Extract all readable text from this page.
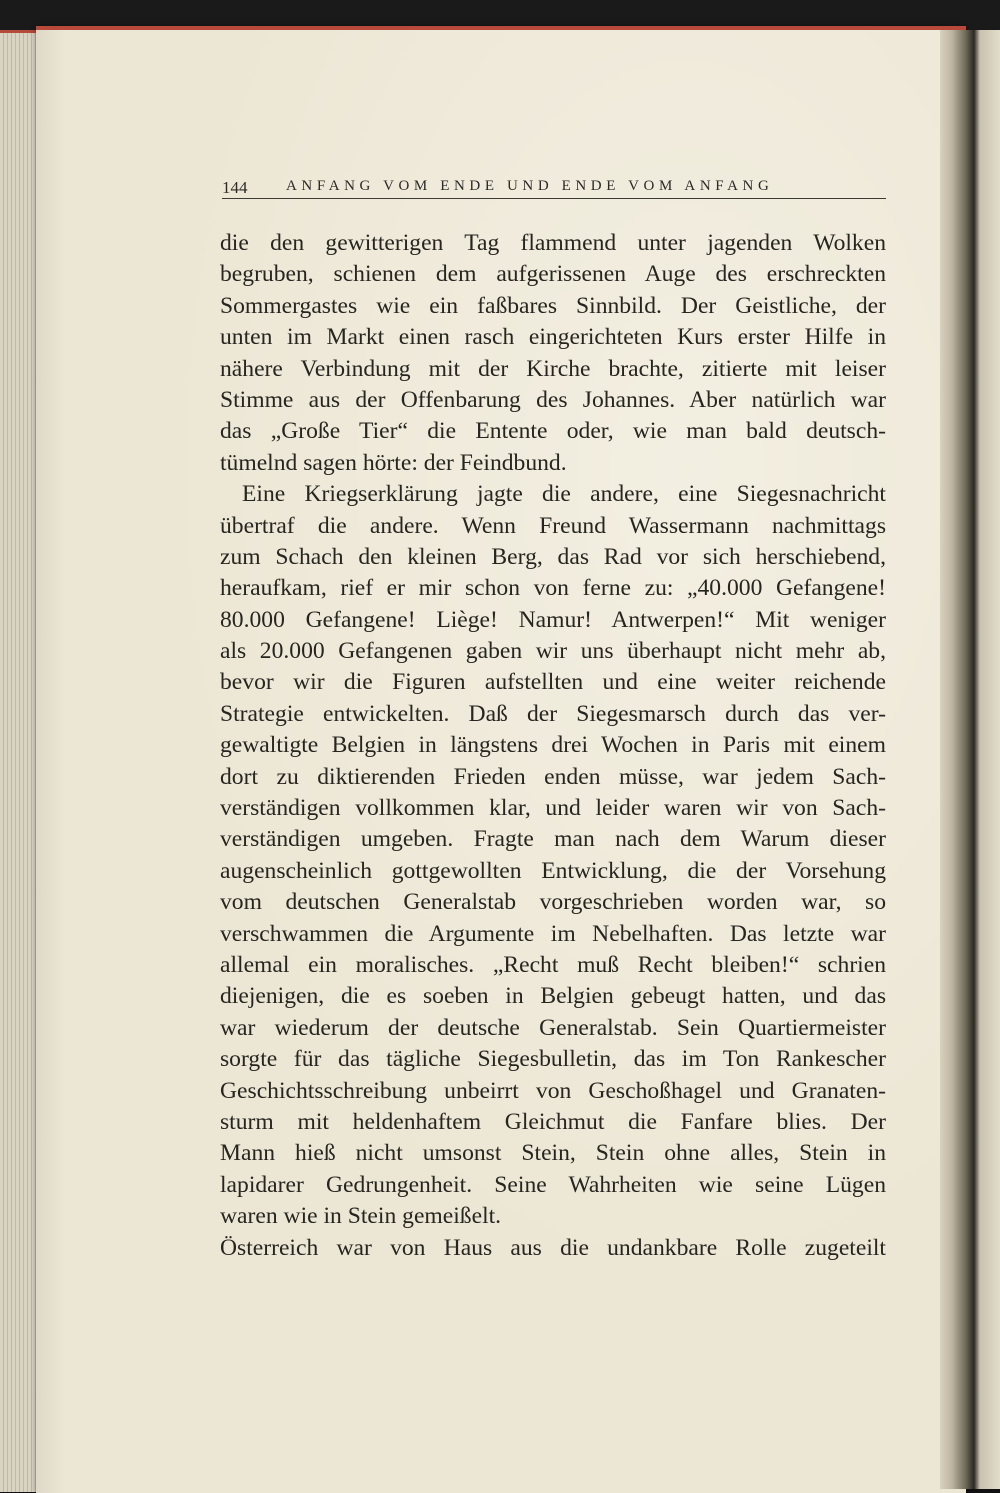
144	ANFANG VOM ENDE UND ENDE VOM ANFANG
die den gewitterigen Tag flammend unter jagenden Wolken
begruben, schienen dem aufgerissenen Auge des erschreckten
Sommergastes wie ein faßbares Sinnbild. Der Geistliche, der
unten im Markt einen rasch eingerichteten Kurs erster Hilfe in
nähere Verbindung mit der Kirche brachte, zitierte mit leiser
Stimme aus der Offenbarung des Johannes. Aber natürlich war
das „Große Tier“ die Entente oder, wie man bald deutsch-
tümelnd sagen hörte: der Feindbund.
Eine Kriegserklärung jagte die andere, eine Siegesnachricht
übertraf die andere. Wenn Freund Wassermann nachmittags
zum Schach den kleinen Berg, das Rad vor sich herschiebend,
heraufkam, rief er mir schon von ferne zu: „40.000 Gefangene!
80.000 Gefangene! Liège! Namur! Antwerpen!“ Mit weniger
als 20.000 Gefangenen gaben wir uns überhaupt nicht mehr ab,
bevor wir die Figuren aufstellten und eine weiter reichende
Strategie entwickelten. Daß der Siegesmarsch durch das ver-
gewaltigte Belgien in längstens drei Wochen in Paris mit einem
dort zu diktierenden Frieden enden müsse, war jedem Sach-
verständigen vollkommen klar, und leider waren wir von Sach-
verständigen umgeben. Fragte man nach dem Warum dieser
augenscheinlich gottgewollten Entwicklung, die der Vorsehung
vom deutschen Generalstab vorgeschrieben worden war, so
verschwammen die Argumente im Nebelhaften. Das letzte war
allemal ein moralisches. „Recht muß Recht bleiben!“ schrien
diejenigen, die es soeben in Belgien gebeugt hatten, und das
war wiederum der deutsche Generalstab. Sein Quartiermeister
sorgte für das tägliche Siegesbulletin, das im Ton Rankescher
Geschichtsschreibung unbeirrt von Geschoßhagel und Granaten-
sturm mit heldenhaftem Gleichmut die Fanfare blies. Der
Mann hieß nicht umsonst Stein, Stein ohne alles, Stein in
lapidarer Gedrungenheit. Seine Wahrheiten wie seine Lügen
waren wie in Stein gemeißelt.
Österreich war von Haus aus die undankbare Rolle zugeteilt
